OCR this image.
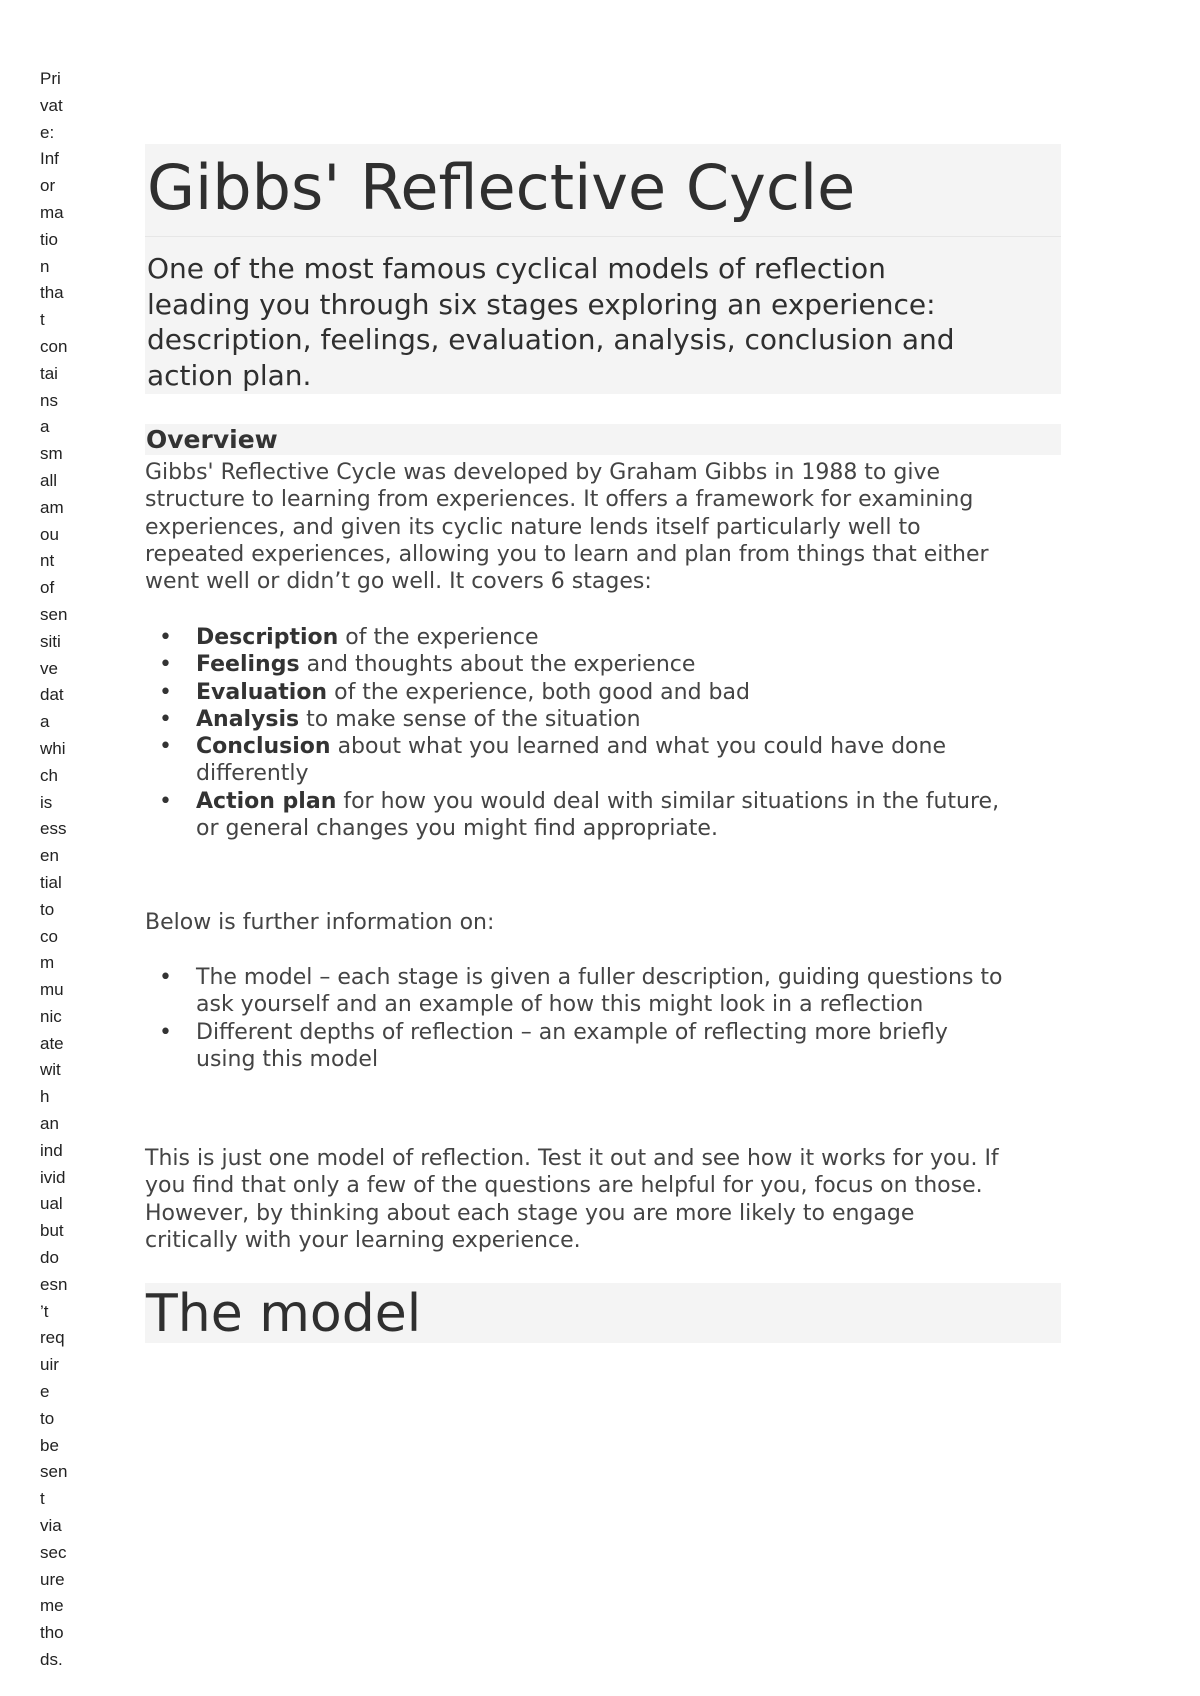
Pri
vat
e:
Inf
or
ma
tio
n
tha
t
con
tai
ns
a
sm
all
am
ou
nt
of
sen
siti
ve
dat
a
whi
ch
is
ess
en
tial
to
co
m
mu
nic
ate
wit
h
an
ind
ivid
ual
but
do
esn
’t
req
uir
e
to
be
sen
t
via
sec
ure
me
tho
ds.
Gibbs' Reflective Cycle
One of the most famous cyclical models of reflection
leading you through six stages exploring an experience:
description, feelings, evaluation, analysis, conclusion and
action plan.
Overview

Gibbs' Reflective Cycle was developed by Graham Gibbs in 1988 to give
structure to learning from experiences. It offers a framework for examining
experiences, and given its cyclic nature lends itself particularly well to
repeated experiences, allowing you to learn and plan from things that either
went well or didn’t go well. It covers 6 stages:

• Description of the experience
• Feelings and thoughts about the experience
• Evaluation of the experience, both good and bad
• Analysis to make sense of the situation
• Conclusion about what you learned and what you could have done
differently
• Action plan for how you would deal with similar situations in the future,
or general changes you might find appropriate.

Below is further information on:

• The model – each stage is given a fuller description, guiding questions to
ask yourself and an example of how this might look in a reflection
• Different depths of reflection – an example of reflecting more briefly
using this model

This is just one model of reflection. Test it out and see how it works for you. If
you find that only a few of the questions are helpful for you, focus on those.
However, by thinking about each stage you are more likely to engage
critically with your learning experience.

The model
